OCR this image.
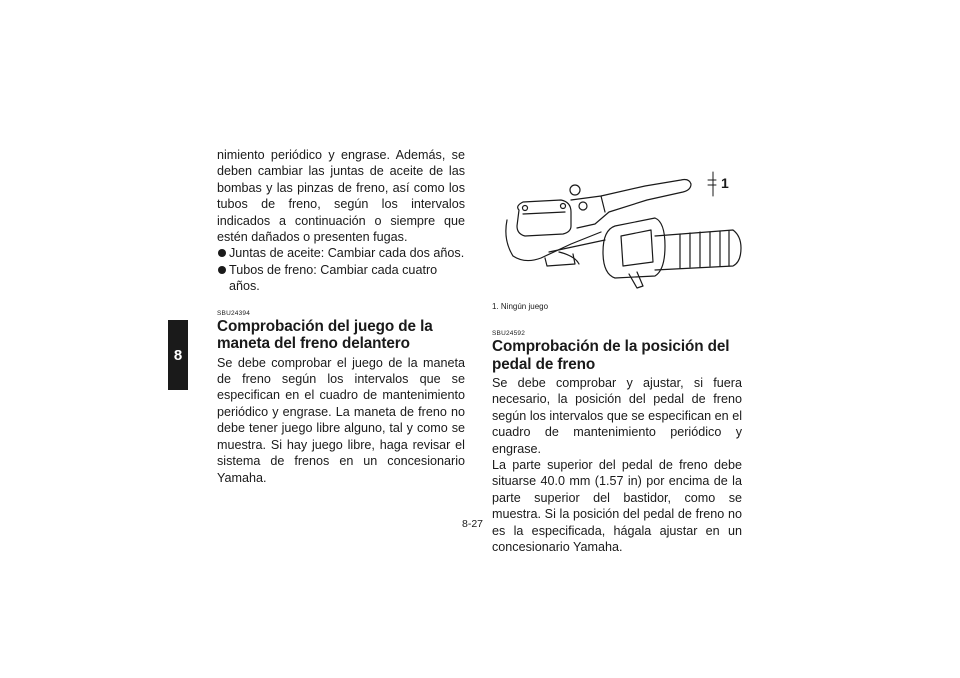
8

nimiento periódico y engrase. Además, se deben cambiar las juntas de aceite de las bombas y las pinzas de freno, así como los tubos de freno, según los intervalos indicados a continuación o siempre que estén dañados o presenten fugas.

Juntas de aceite: Cambiar cada dos años.
Tubos de freno: Cambiar cada cuatro años.
SBU24394
Comprobación del juego de la maneta del freno delantero

Se debe comprobar el juego de la maneta de freno según los intervalos que se especifican en el cuadro de mantenimiento periódico y engrase. La maneta de freno no debe tener juego libre alguno, tal y como se muestra. Si hay juego libre, haga revisar el sistema de frenos en un concesionario Yamaha.

1
1. Ningún juego
SBU24592
Comprobación de la posición del pedal de freno

Se debe comprobar y ajustar, si fuera necesario, la posición del pedal de freno según los intervalos que se especifican en el cuadro de mantenimiento periódico y engrase.

La parte superior del pedal de freno debe situarse 40.0 mm (1.57 in) por encima de la parte superior del bastidor, como se muestra. Si la posición del pedal de freno no es la especificada, hágala ajustar en un concesionario Yamaha.

8-27
